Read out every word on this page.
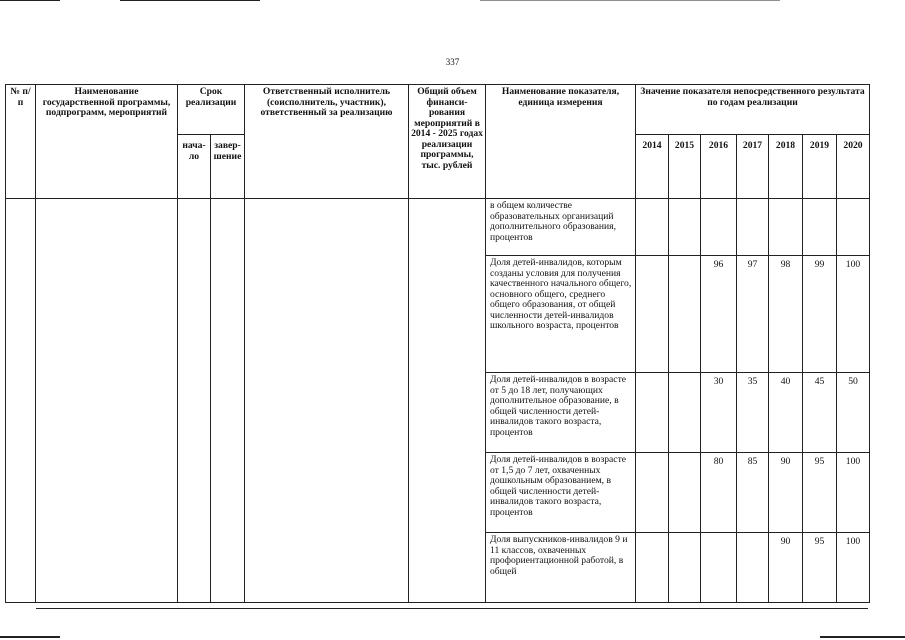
337
№ п/п	Наименование государственной программы, подпрограмм, мероприятий	Срок реализации		Ответственный исполнитель (соисполнитель, участник), ответственный за реализацию	Общий объем финанси- рования мероприятий в 2014 - 2025 годах реализации программы, тыс. рублей	Наименование показателя, единица измерения	Значение показателя непосредственного результата по годам реализации						
		нача- ло	завер- шение				2014	2015	2016	2017	2018	2019	2020
						в общем количестве образовательных организаций дополнительного образования, процентов							
						Доля детей-инвалидов, которым созданы условия для получения качественного начального общего, основного общего, среднего общего образования, от общей численности детей-инвалидов школьного возраста, процентов			96	97	98	99	100
						Доля детей-инвалидов в возрасте от 5 до 18 лет, получающих дополнительное образование, в общей численности детей-инвалидов такого возраста, процентов			30	35	40	45	50
						Доля детей-инвалидов в возрасте от 1,5 до 7 лет, охваченных дошкольным образованием, в общей численности детей-инвалидов такого возраста, процентов			80	85	90	95	100
						Доля выпускников-инвалидов 9 и 11 классов, охваченных профориентационной работой, в общей					90	95	100
